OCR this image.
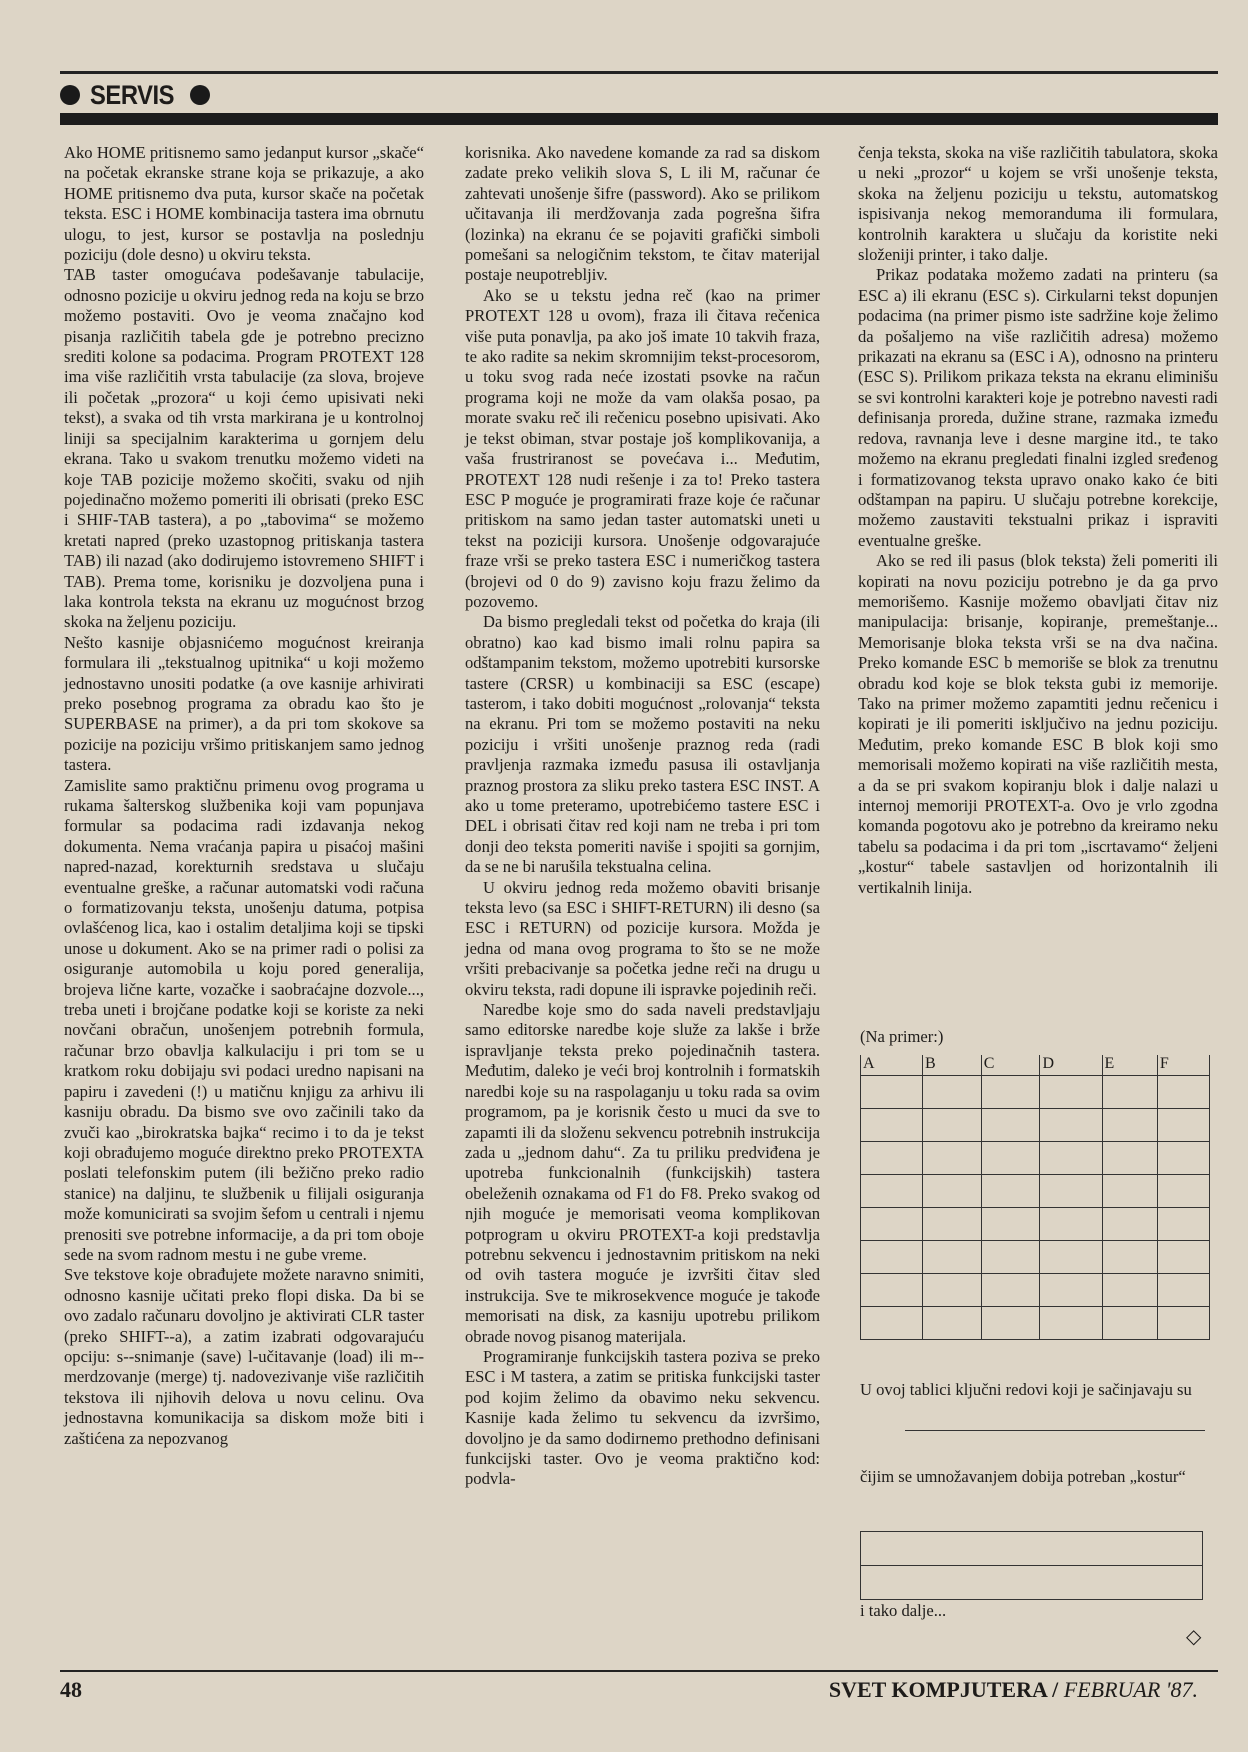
SERVIS

Ako HOME pritisnemo samo jedanput kursor „skače“ na početak ekranske strane koja se prikazuje, a ako HOME pritisnemo dva puta, kursor skače na početak teksta. ESC i HOME kombinacija tastera ima obrnutu ulogu, to jest, kursor se postavlja na poslednju poziciju (dole desno) u okviru teksta.

TAB taster omogućava podešavanje tabulacije, odnosno pozicije u okviru jednog reda na koju se brzo možemo postaviti. Ovo je veoma značajno kod pisanja različitih tabela gde je potrebno precizno srediti kolone sa podacima. Program PROTEXT 128 ima više različitih vrsta tabulacije (za slova, brojeve ili početak „prozora“ u koji ćemo upisivati neki tekst), a svaka od tih vrsta markirana je u kontrolnoj liniji sa specijalnim karakterima u gornjem delu ekrana. Tako u svakom trenutku možemo videti na koje TAB pozicije možemo skočiti, svaku od njih pojedinačno možemo pomeriti ili obrisati (preko ESC i SHIF-TAB tastera), a po „tabovima“ se možemo kretati napred (preko uzastopnog pritiskanja tastera TAB) ili nazad (ako dodirujemo istovremeno SHIFT i TAB). Prema tome, korisniku je dozvoljena puna i laka kontrola teksta na ekranu uz mogućnost brzog skoka na željenu poziciju.

Nešto kasnije objasnićemo mogućnost kreiranja formulara ili „tekstualnog upitnika“ u koji možemo jednostavno unositi podatke (a ove kasnije arhivirati preko posebnog programa za obradu kao što je SUPERBASE na primer), a da pri tom skokove sa pozicije na poziciju vršimo pritiskanjem samo jednog tastera.

Zamislite samo praktičnu primenu ovog programa u rukama šalterskog službenika koji vam popunjava formular sa podacima radi izdavanja nekog dokumenta. Nema vraćanja papira u pisaćoj mašini napred-nazad, korekturnih sredstava u slučaju eventualne greške, a računar automatski vodi računa o formatizovanju teksta, unošenju datuma, potpisa ovlašćenog lica, kao i ostalim detaljima koji se tipski unose u dokument. Ako se na primer radi o polisi za osiguranje automobila u koju pored generalija, brojeva lične karte, vozačke i saobraćajne dozvole..., treba uneti i brojčane podatke koji se koriste za neki novčani obračun, unošenjem potrebnih formula, računar brzo obavlja kalkulaciju i pri tom se u kratkom roku dobijaju svi podaci uredno napisani na papiru i zavedeni (!) u matičnu knjigu za arhivu ili kasniju obradu. Da bismo sve ovo začinili tako da zvuči kao „birokratska bajka“ recimo i to da je tekst koji obrađujemo moguće direktno preko PROTEXTA poslati telefonskim putem (ili bežično preko radio stanice) na daljinu, te službenik u filijali osiguranja može komunicirati sa svojim šefom u centrali i njemu prenositi sve potrebne informacije, a da pri tom oboje sede na svom radnom mestu i ne gube vreme.

Sve tekstove koje obrađujete možete naravno snimiti, odnosno kasnije učitati preko flopi diska. Da bi se ovo zadalo računaru dovoljno je aktivirati CLR taster (preko SHIFT--a), a zatim izabrati odgovarajuću opciju: s--snimanje (save) l-učitavanje (load) ili m--merdzovanje (merge) tj. nadovezivanje više različitih tekstova ili njihovih delova u novu celinu. Ova jednostavna komunikacija sa diskom može biti i zaštićena za nepozvanog

korisnika. Ako navedene komande za rad sa diskom zadate preko velikih slova S, L ili M, računar će zahtevati unošenje šifre (password). Ako se prilikom učitavanja ili merdžovanja zada pogrešna šifra (lozinka) na ekranu će se pojaviti grafički simboli pomešani sa nelogičnim tekstom, te čitav materijal postaje neupotrebljiv.

Ako se u tekstu jedna reč (kao na primer PROTEXT 128 u ovom), fraza ili čitava rečenica više puta ponavlja, pa ako još imate 10 takvih fraza, te ako radite sa nekim skromnijim tekst-procesorom, u toku svog rada neće izostati psovke na račun programa koji ne može da vam olakša posao, pa morate svaku reč ili rečenicu posebno upisivati. Ako je tekst obiman, stvar postaje još komplikovanija, a vaša frustriranost se povećava i... Međutim, PROTEXT 128 nudi rešenje i za to! Preko tastera ESC P moguće je programirati fraze koje će računar pritiskom na samo jedan taster automatski uneti u tekst na poziciji kursora. Unošenje odgovarajuće fraze vrši se preko tastera ESC i numeričkog tastera (brojevi od 0 do 9) zavisno koju frazu želimo da pozovemo.

Da bismo pregledali tekst od početka do kraja (ili obratno) kao kad bismo imali rolnu papira sa odštampanim tekstom, možemo upotrebiti kursorske tastere (CRSR) u kombinaciji sa ESC (escape) tasterom, i tako dobiti mogućnost „rolovanja“ teksta na ekranu. Pri tom se možemo postaviti na neku poziciju i vršiti unošenje praznog reda (radi pravljenja razmaka između pasusa ili ostavljanja praznog prostora za sliku preko tastera ESC INST. A ako u tome preteramo, upotrebićemo tastere ESC i DEL i obrisati čitav red koji nam ne treba i pri tom donji deo teksta pomeriti naviše i spojiti sa gornjim, da se ne bi narušila tekstualna celina.

U okviru jednog reda možemo obaviti brisanje teksta levo (sa ESC i SHIFT-RETURN) ili desno (sa ESC i RETURN) od pozicije kursora. Možda je jedna od mana ovog programa to što se ne može vršiti prebacivanje sa početka jedne reči na drugu u okviru teksta, radi dopune ili ispravke pojedinih reči.

Naredbe koje smo do sada naveli predstavljaju samo editorske naredbe koje služe za lakše i brže ispravljanje teksta preko pojedinačnih tastera. Međutim, daleko je veći broj kontrolnih i formatskih naredbi koje su na raspolaganju u toku rada sa ovim programom, pa je korisnik često u muci da sve to zapamti ili da složenu sekvencu potrebnih instrukcija zada u „jednom dahu“. Za tu priliku predviđena je upotreba funkcionalnih (funkcijskih) tastera obeleženih oznakama od F1 do F8. Preko svakog od njih moguće je memorisati veoma komplikovan potprogram u okviru PROTEXT-a koji predstavlja potrebnu sekvencu i jednostavnim pritiskom na neki od ovih tastera moguće je izvršiti čitav sled instrukcija. Sve te mikrosekvence moguće je takođe memorisati na disk, za kasniju upotrebu prilikom obrade novog pisanog materijala.

Programiranje funkcijskih tastera poziva se preko ESC i M tastera, a zatim se pritiska funkcijski taster pod kojim želimo da obavimo neku sekvencu. Kasnije kada želimo tu sekvencu da izvršimo, dovoljno je da samo dodirnemo prethodno definisani funkcijski taster. Ovo je veoma praktično kod: podvla-

čenja teksta, skoka na više različitih tabulatora, skoka u neki „prozor“ u kojem se vrši unošenje teksta, skoka na željenu poziciju u tekstu, automatskog ispisivanja nekog memoranduma ili formulara, kontrolnih karaktera u slučaju da koristite neki složeniji printer, i tako dalje.

Prikaz podataka možemo zadati na printeru (sa ESC a) ili ekranu (ESC s). Cirkularni tekst dopunjen podacima (na primer pismo iste sadržine koje želimo da pošaljemo na više različitih adresa) možemo prikazati na ekranu sa (ESC i A), odnosno na printeru (ESC S). Prilikom prikaza teksta na ekranu eliminišu se svi kontrolni karakteri koje je potrebno navesti radi definisanja proreda, dužine strane, razmaka između redova, ravnanja leve i desne margine itd., te tako možemo na ekranu pregledati finalni izgled sređenog i formatizovanog teksta upravo onako kako će biti odštampan na papiru. U slučaju potrebne korekcije, možemo zaustaviti tekstualni prikaz i ispraviti eventualne greške.

Ako se red ili pasus (blok teksta) želi pomeriti ili kopirati na novu poziciju potrebno je da ga prvo memorišemo. Kasnije možemo obavljati čitav niz manipulacija: brisanje, kopiranje, premeštanje... Memorisanje bloka teksta vrši se na dva načina. Preko komande ESC b memoriše se blok za trenutnu obradu kod koje se blok teksta gubi iz memorije. Tako na primer možemo zapamtiti jednu rečenicu i kopirati je ili pomeriti isključivo na jednu poziciju. Međutim, preko komande ESC B blok koji smo memorisali možemo kopirati na više različitih mesta, a da se pri svakom kopiranju blok i dalje nalazi u internoj memoriji PROTEXT-a. Ovo je vrlo zgodna komanda pogotovu ako je potrebno da kreiramo neku tabelu sa podacima i da pri tom „iscrtavamo“ željeni „kostur“ tabele sastavljen od horizontalnih ili vertikalnih linija.

(Na primer:)
A	B	C	D	E	F

U ovoj tablici ključni redovi koji je sačinjavaju su
čijim se umnožavanjem dobija potreban „kostur“

i tako dalje...
◇
48	SVET KOMPJUTERA / FEBRUAR '87.
